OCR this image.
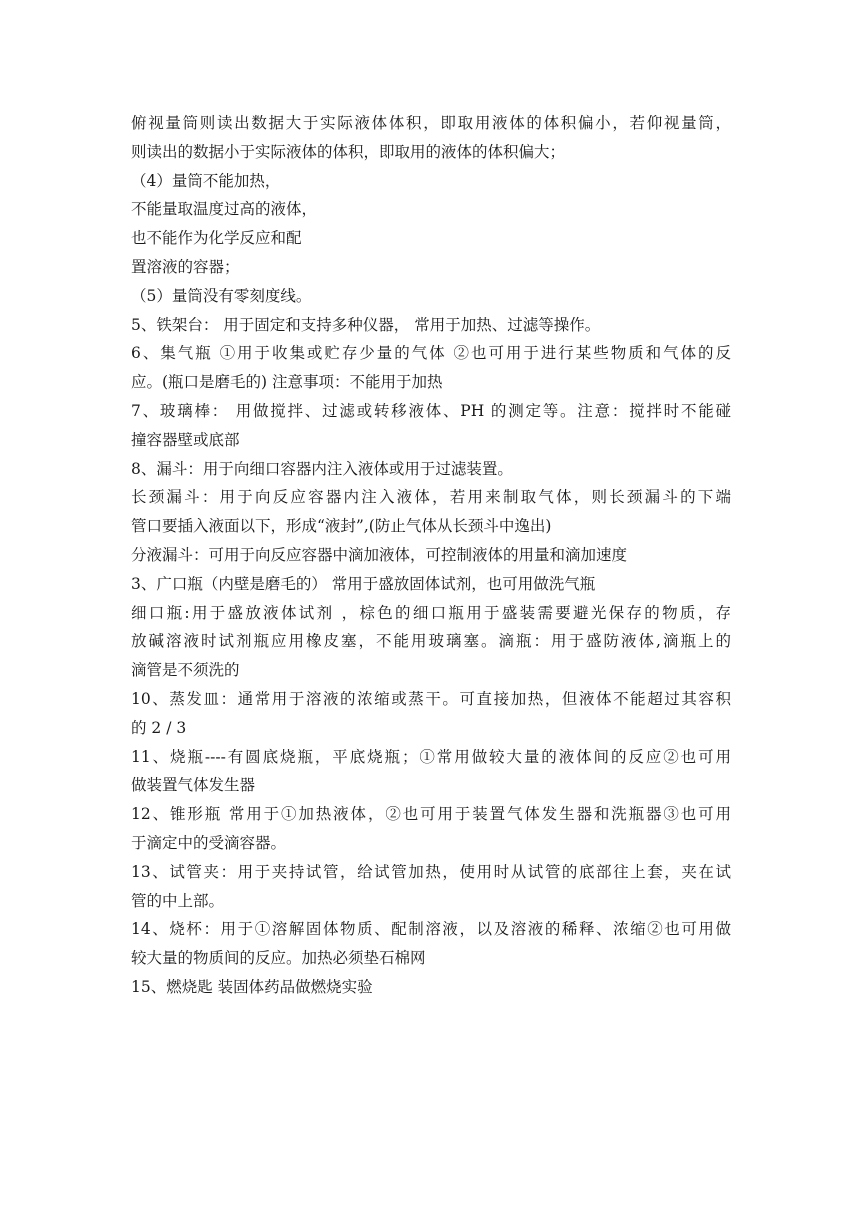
俯视量筒则读出数据大于实际液体体积，即取用液体的体积偏小，若仰视量筒，
则读出的数据小于实际液体的体积，即取用的液体的体积偏大；
（4）量筒不能加热，
不能量取温度过高的液体，
也不能作为化学反应和配
置溶液的容器；
（5）量筒没有零刻度线。
5、铁架台： 用于固定和支持多种仪器， 常用于加热、过滤等操作。
6、集气瓶 ①用于收集或贮存少量的气体 ②也可用于进行某些物质和气体的反
应。(瓶口是磨毛的) 注意事项：不能用于加热
7、玻璃棒： 用做搅拌、过滤或转移液体、PH 的测定等。注意：搅拌时不能碰
撞容器壁或底部
8、漏斗：用于向细口容器内注入液体或用于过滤装置。
长颈漏斗：用于向反应容器内注入液体，若用来制取气体，则长颈漏斗的下端
管口要插入液面以下，形成“液封”,(防止气体从长颈斗中逸出)
分液漏斗：可用于向反应容器中滴加液体，可控制液体的用量和滴加速度
3、广口瓶（内壁是磨毛的） 常用于盛放固体试剂，也可用做洗气瓶
细口瓶:用于盛放液体试剂 ，棕色的细口瓶用于盛装需要避光保存的物质，存
放碱溶液时试剂瓶应用橡皮塞，不能用玻璃塞。滴瓶：用于盛防液体,滴瓶上的
滴管是不须洗的
10、蒸发皿：通常用于溶液的浓缩或蒸干。可直接加热，但液体不能超过其容积
的 2 / 3
11、烧瓶----有圆底烧瓶，平底烧瓶；①常用做较大量的液体间的反应②也可用
做装置气体发生器
12、锥形瓶 常用于①加热液体，②也可用于装置气体发生器和洗瓶器③也可用
于滴定中的受滴容器。
13、试管夹：用于夹持试管，给试管加热，使用时从试管的底部往上套，夹在试
管的中上部。
14、烧杯：用于①溶解固体物质、配制溶液，以及溶液的稀释、浓缩②也可用做
较大量的物质间的反应。加热必须垫石棉网
15、燃烧匙 装固体药品做燃烧实验
